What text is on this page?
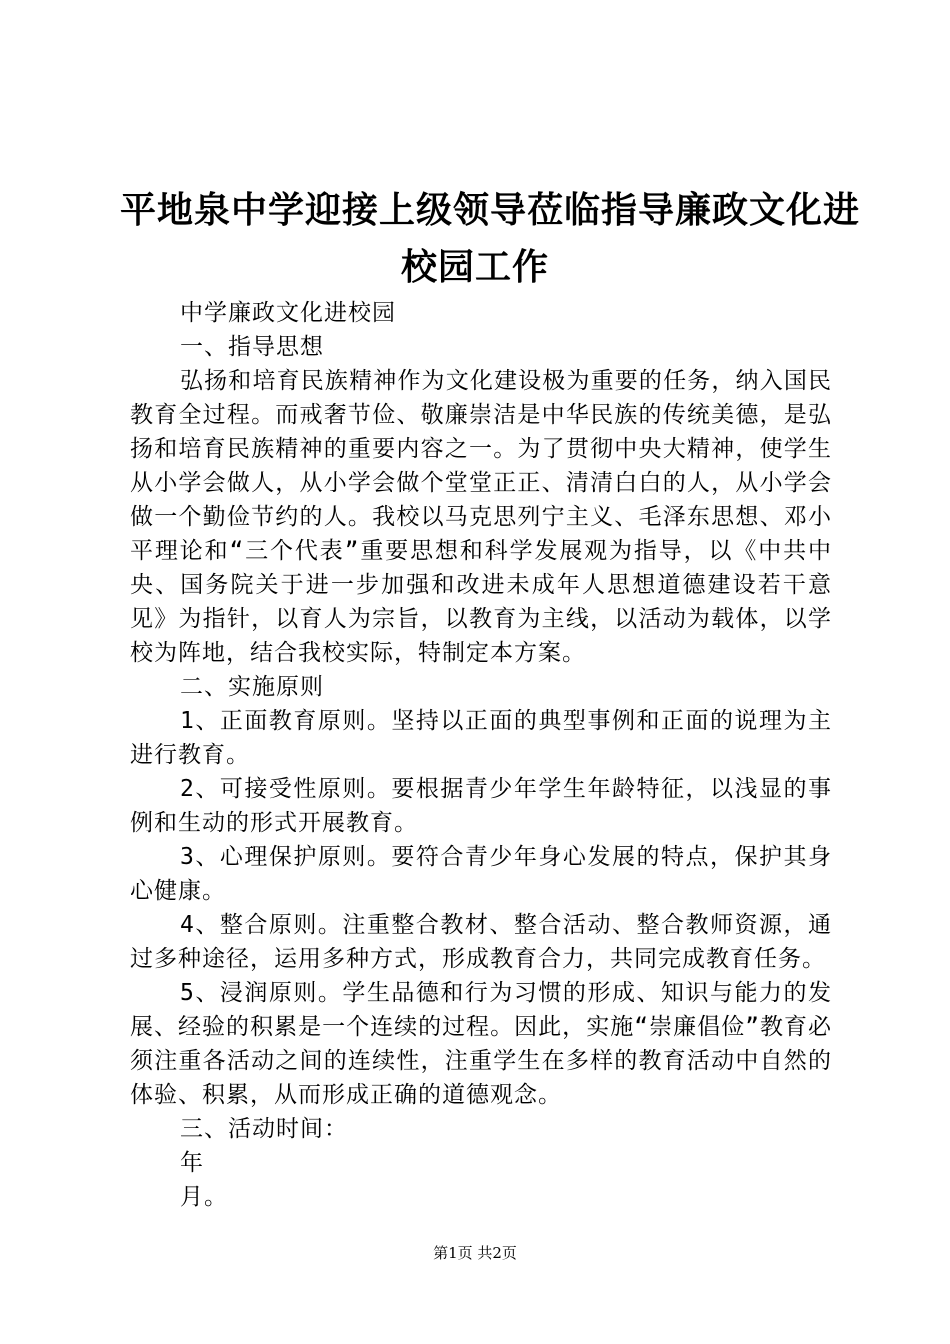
平地泉中学迎接上级领导莅临指导廉政文化进
校园工作

中学廉政文化进校园

一、指导思想

弘扬和培育民族精神作为文化建设极为重要的任务，纳入国民教育全过程。而戒奢节俭、敬廉崇洁是中华民族的传统美德，是弘扬和培育民族精神的重要内容之一。为了贯彻中央大精神，使学生从小学会做人，从小学会做个堂堂正正、清清白白的人，从小学会做一个勤俭节约的人。我校以马克思列宁主义、毛泽东思想、邓小平理论和“三个代表”重要思想和科学发展观为指导，以《中共中央、国务院关于进一步加强和改进未成年人思想道德建设若干意见》为指针，以育人为宗旨，以教育为主线，以活动为载体，以学校为阵地，结合我校实际，特制定本方案。

二、实施原则

1、正面教育原则。坚持以正面的典型事例和正面的说理为主进行教育。

2、可接受性原则。要根据青少年学生年龄特征，以浅显的事例和生动的形式开展教育。

3、心理保护原则。要符合青少年身心发展的特点，保护其身心健康。

4、整合原则。注重整合教材、整合活动、整合教师资源，通过多种途径，运用多种方式，形成教育合力，共同完成教育任务。

5、浸润原则。学生品德和行为习惯的形成、知识与能力的发展、经验的积累是一个连续的过程。因此，实施“崇廉倡俭”教育必须注重各活动之间的连续性，注重学生在多样的教育活动中自然的体验、积累，从而形成正确的道德观念。

三、活动时间：

年

月。

第1页 共2页
